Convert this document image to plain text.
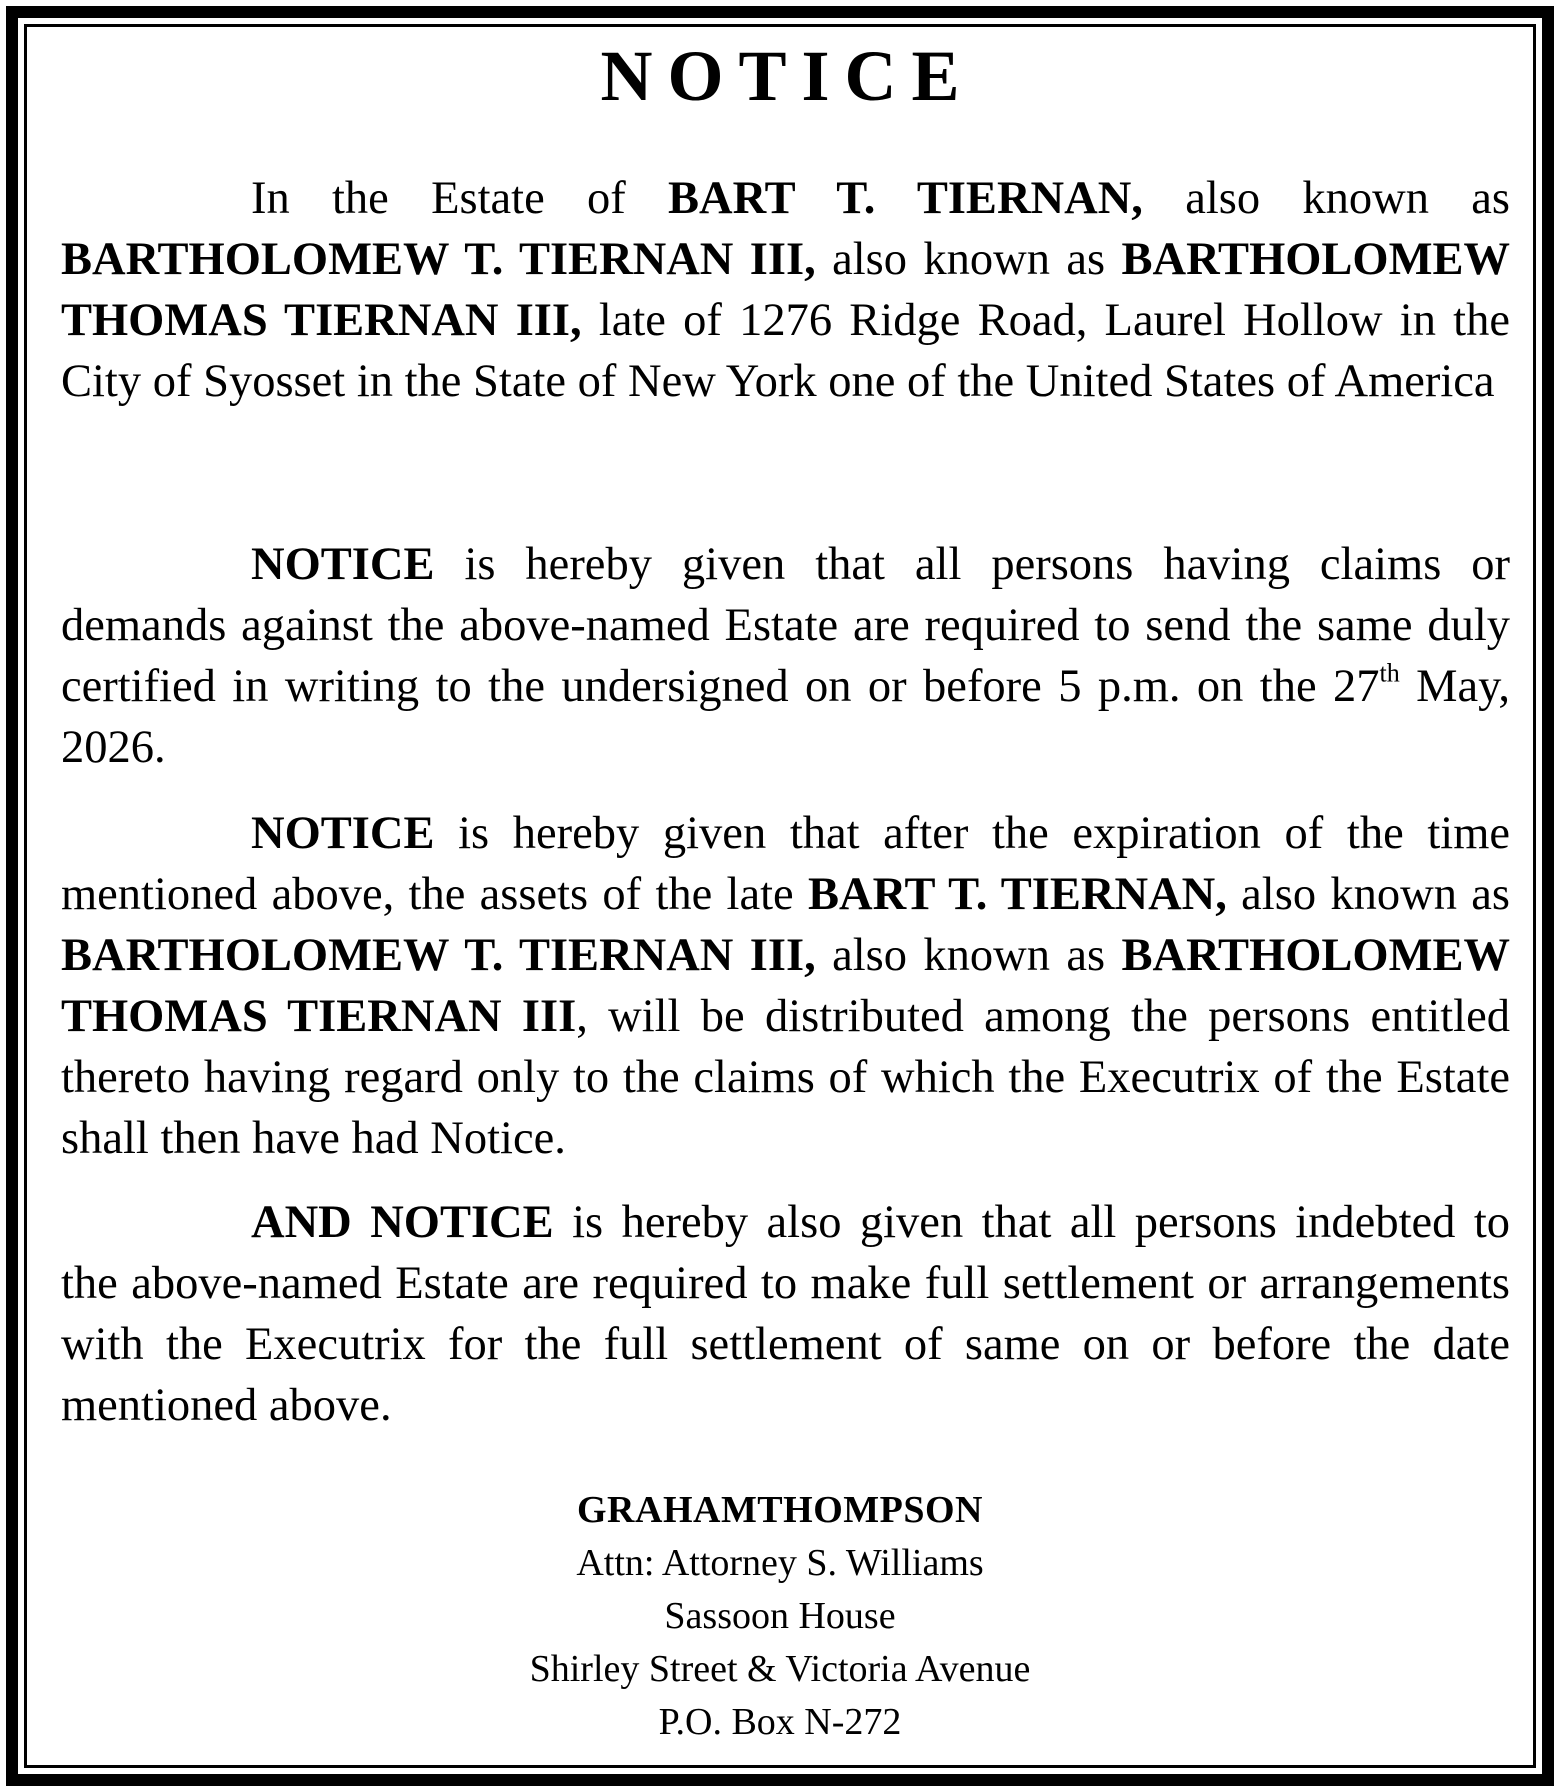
NOTICE

In the Estate of BART T. TIERNAN, also known as BARTHOLOMEW T. TIERNAN III, also known as BARTHOLOMEW THOMAS TIERNAN III, late of 1276 Ridge Road, Laurel Hollow in the City of Syosset in the State of New York one of the United States of America

NOTICE is hereby given that all persons having claims or demands against the above-named Estate are required to send the same duly certified in writing to the undersigned on or before 5 p.m. on the 27th May, 2026.

NOTICE is hereby given that after the expiration of the time mentioned above, the assets of the late BART T. TIERNAN, also known as BARTHOLOMEW T. TIERNAN III, also known as BARTHOLOMEW THOMAS TIERNAN III, will be distributed among the persons entitled thereto having regard only to the claims of which the Executrix of the Estate shall then have had Notice.

AND NOTICE is hereby also given that all persons indebted to the above-named Estate are required to make full settlement or arrangements with the Executrix for the full settlement of same on or before the date mentioned above.

GRAHAMTHOMPSON
Attn: Attorney S. Williams
Sassoon House
Shirley Street & Victoria Avenue
P.O. Box N-272
